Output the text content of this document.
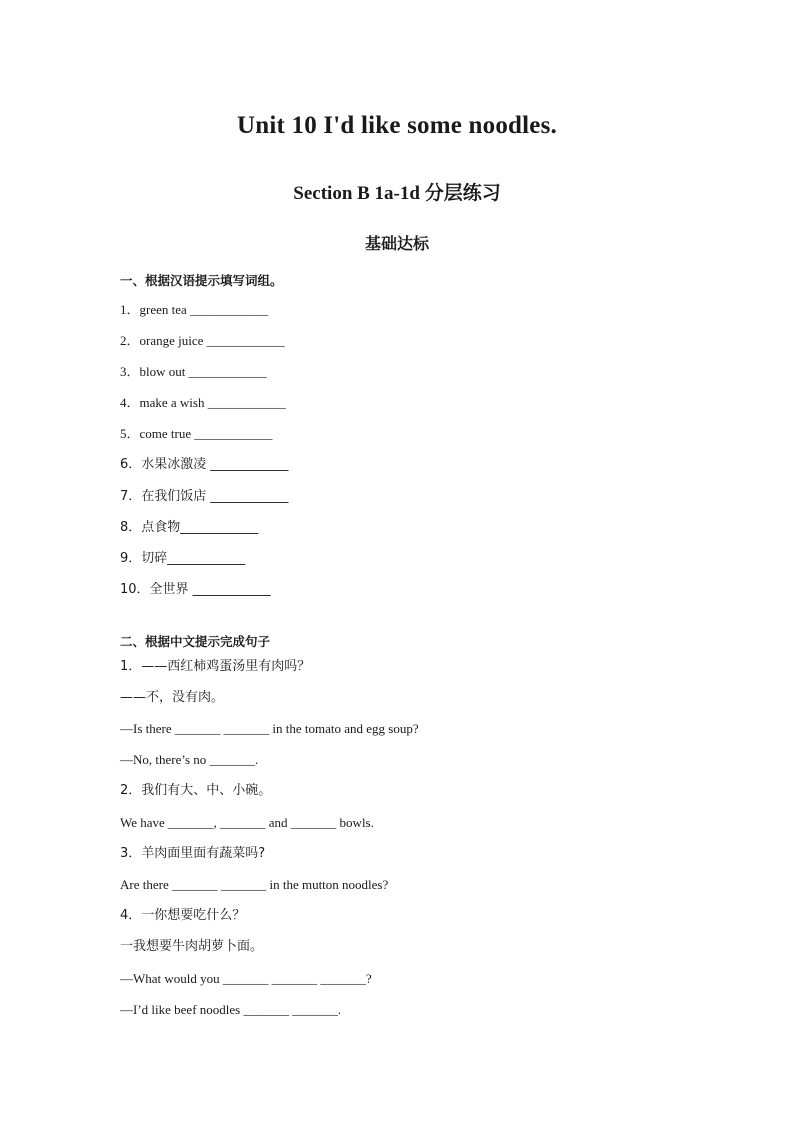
Unit 10 I'd like some noodles.
Section B 1a-1d 分层练习
基础达标
一、根据汉语提示填写词组。
1．green tea ____________
2．orange juice ____________
3．blow out ____________
4．make a wish ____________
5．come true ____________
6．水果冰激凌 ____________
7．在我们饭店 ____________
8．点食物____________
9．切碎____________
10．全世界 ____________
二、根据中文提示完成句子
1．——西红柿鸡蛋汤里有肉吗？
——不，没有肉。
—Is there _______ _______ in the tomato and egg soup?
—No, there’s no _______.
2．我们有大、中、小碗。
We have _______, _______ and _______ bowls.
3．羊肉面里面有蔬菜吗?
Are there _______ _______ in the mutton noodles?
4．一你想要吃什么？
一我想要牛肉胡萝卜面。
—What would you _______ _______ _______?
—I’d like beef noodles _______ _______.
